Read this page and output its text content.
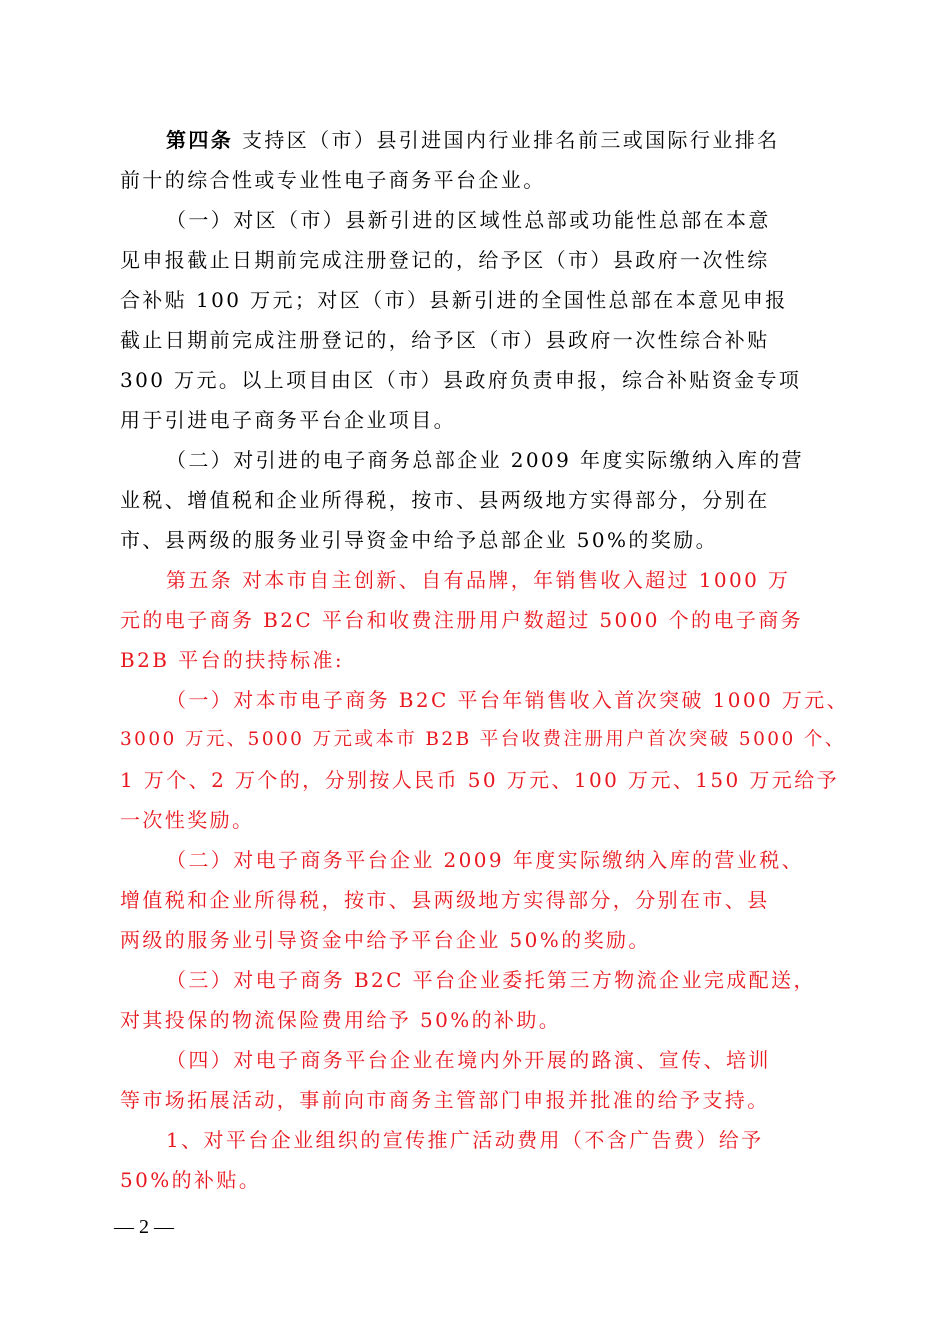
第四条 支持区（市）县引进国内行业排名前三或国际行业排名
前十的综合性或专业性电子商务平台企业。
（一）对区（市）县新引进的区域性总部或功能性总部在本意
见申报截止日期前完成注册登记的，给予区（市）县政府一次性综
合补贴 100 万元；对区（市）县新引进的全国性总部在本意见申报
截止日期前完成注册登记的，给予区（市）县政府一次性综合补贴
300 万元。以上项目由区（市）县政府负责申报，综合补贴资金专项
用于引进电子商务平台企业项目。
（二）对引进的电子商务总部企业 2009 年度实际缴纳入库的营
业税、增值税和企业所得税，按市、县两级地方实得部分，分别在
市、县两级的服务业引导资金中给予总部企业 50%的奖励。
第五条 对本市自主创新、自有品牌，年销售收入超过 1000 万
元的电子商务 B2C 平台和收费注册用户数超过 5000 个的电子商务
B2B 平台的扶持标准:
（一）对本市电子商务 B2C 平台年销售收入首次突破 1000 万元、
3000 万元、5000 万元或本市 B2B 平台收费注册用户首次突破 5000 个、
1 万个、2 万个的，分别按人民币 50 万元、100 万元、150 万元给予
一次性奖励。
（二）对电子商务平台企业 2009 年度实际缴纳入库的营业税、
增值税和企业所得税，按市、县两级地方实得部分，分别在市、县
两级的服务业引导资金中给予平台企业 50%的奖励。
（三）对电子商务 B2C 平台企业委托第三方物流企业完成配送，
对其投保的物流保险费用给予 50%的补助。
（四）对电子商务平台企业在境内外开展的路演、宣传、培训
等市场拓展活动，事前向市商务主管部门申报并批准的给予支持。
1、对平台企业组织的宣传推广活动费用（不含广告费）给予
50%的补贴。
— 2 —
